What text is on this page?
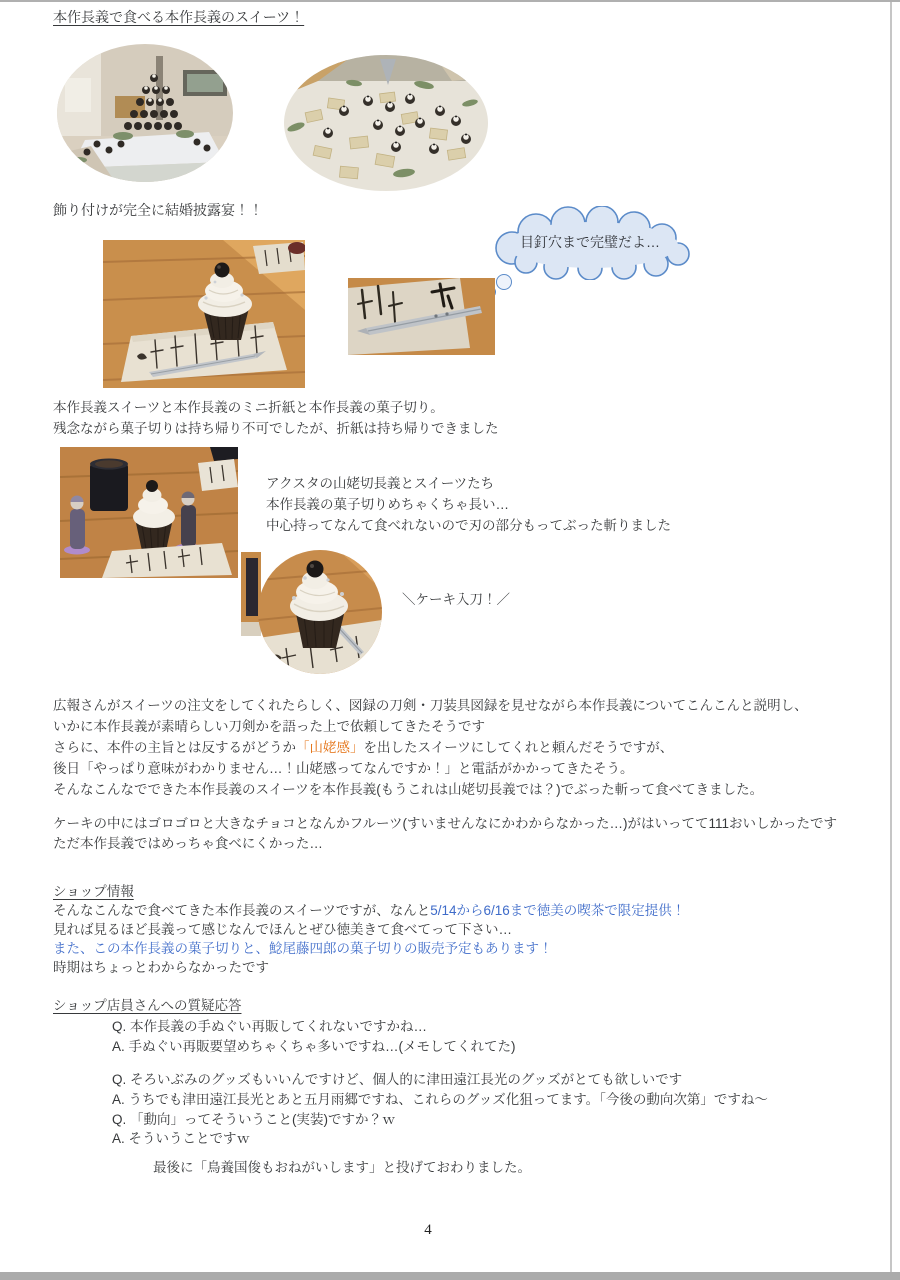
本作長義で食べる本作長義のスイーツ！
飾り付けが完全に結婚披露宴！！
目釘穴まで完璧だよ…
本作長義スイーツと本作長義のミニ折紙と本作長義の菓子切り。
残念ながら菓子切りは持ち帰り不可でしたが、折紙は持ち帰りできました
アクスタの山姥切長義とスイーツたち
本作長義の菓子切りめちゃくちゃ長い…
中心持ってなんて食べれないので刃の部分もってぶった斬りました
＼ケーキ入刀！／
広報さんがスイーツの注文をしてくれたらしく、図録の刀剣・刀装具図録を見せながら本作長義についてこんこんと説明し、
いかに本作長義が素晴らしい刀剣かを語った上で依頼してきたそうです
さらに、本件の主旨とは反するがどうか「山姥感」を出したスイーツにしてくれと頼んだそうですが、
後日「やっぱり意味がわかりません…！山姥感ってなんですか！」と電話がかかってきたそう。
そんなこんなでできた本作長義のスイーツを本作長義(もうこれは山姥切長義では？)でぶった斬って食べてきました。
ケーキの中にはゴロゴロと大きなチョコとなんかフルーツ(すいませんなにかわからなかった…)がはいってて111おいしかったです
ただ本作長義ではめっちゃ食べにくかった…
ショップ情報
そんなこんなで食べてきた本作長義のスイーツですが、なんと5/14から6/16まで徳美の喫茶で限定提供！
見れば見るほど長義って感じなんでほんとぜひ徳美きて食べてって下さい…
また、この本作長義の菓子切りと、鯰尾藤四郎の菓子切りの販売予定もあります！
時期はちょっとわからなかったです
ショップ店員さんへの質疑応答
Q. 本作長義の手ぬぐい再販してくれないですかね…
A. 手ぬぐい再販要望めちゃくちゃ多いですね…(メモしてくれてた)
Q. そろいぶみのグッズもいいんですけど、個人的に津田遠江長光のグッズがとても欲しいです
A. うちでも津田遠江長光とあと五月雨郷ですね、これらのグッズ化狙ってます。「今後の動向次第」ですね～
Q. 「動向」ってそういうこと(実装)ですか？ｗ
A. そういうことですｗ
最後に「鳥養国俊もおねがいします」と投げておわりました。
4
